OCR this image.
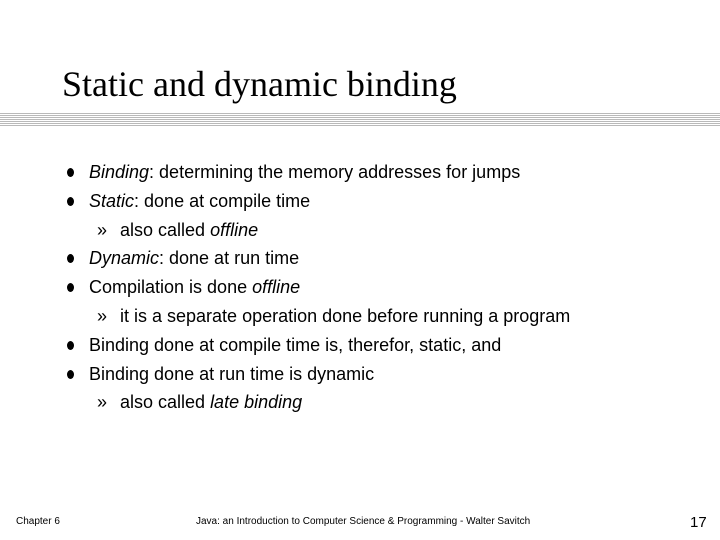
Static and dynamic binding
Binding: determining the memory addresses for jumps
Static: done at compile time
» also called offline
Dynamic: done at run time
Compilation is done offline
» it is a separate operation done before running a program
Binding done at compile time is, therefor, static, and
Binding done at run time is dynamic
» also called late binding
Chapter 6	Java: an Introduction to Computer Science & Programming - Walter Savitch	17
